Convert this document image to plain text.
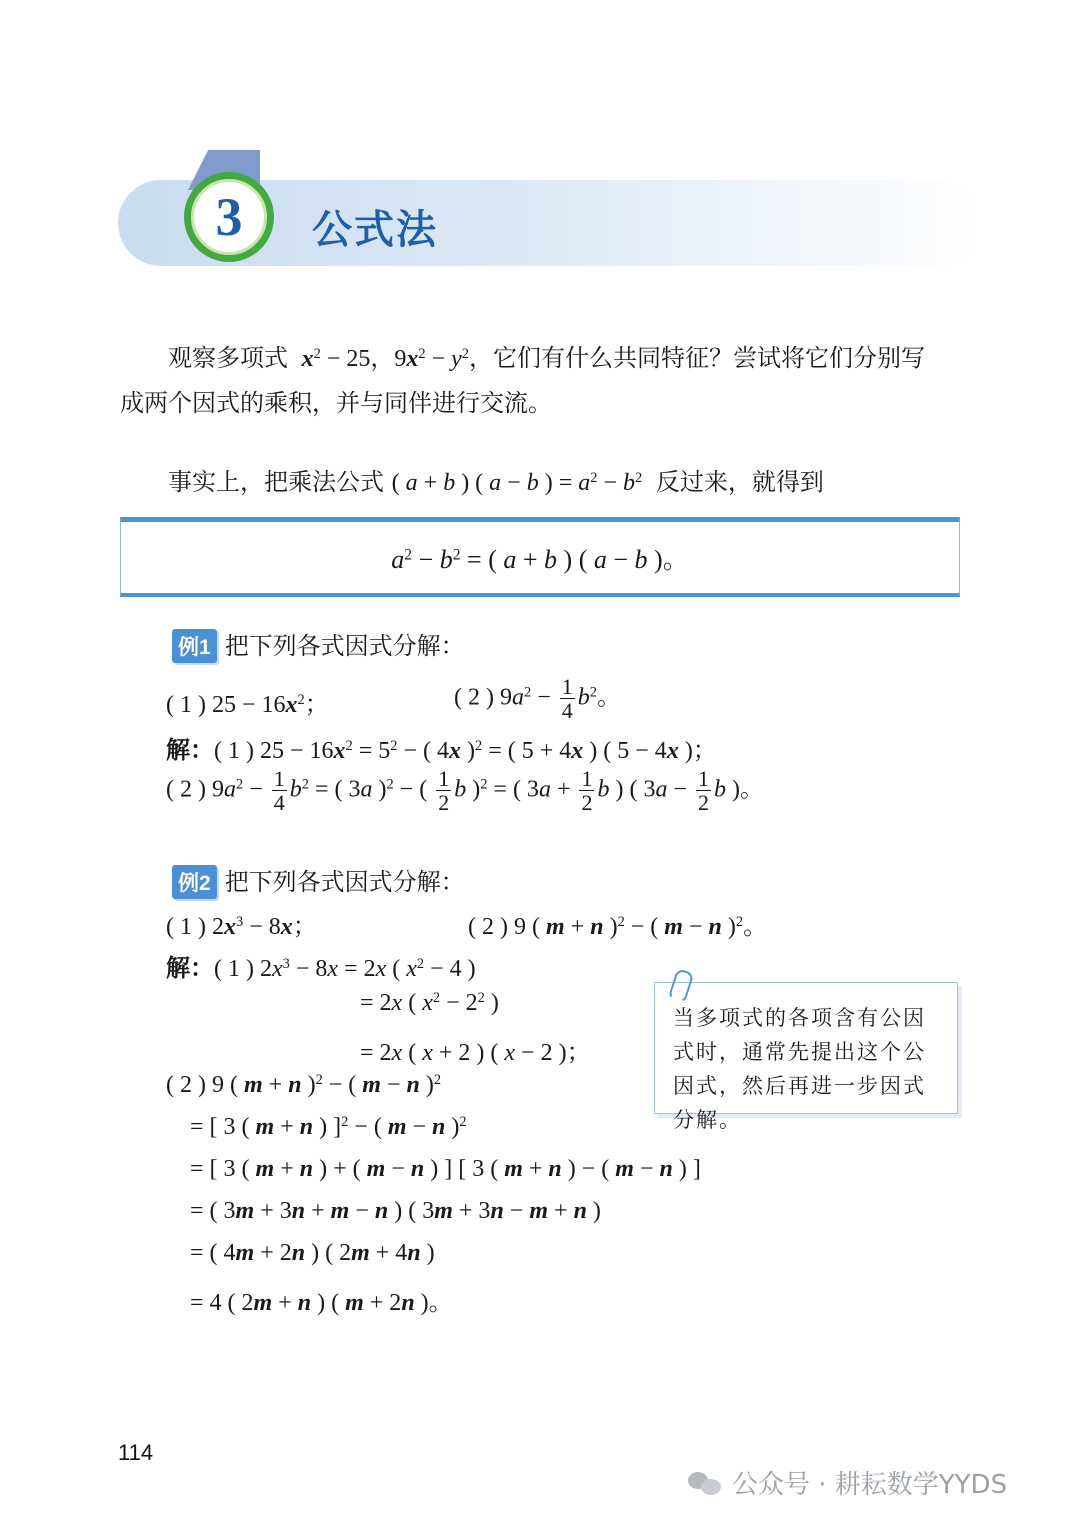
3 公式法
观察多项式 $x^2 - 25$，$9x^2 - y^2$，它们有什么共同特征？尝试将它们分别写
成两个因式的乘积，并与同伴进行交流。
事实上，把乘法公式 ( a + b ) ( a − b ) = $a^2 - b^2$ 反过来，就得到
$a^2 - b^2$ = ( a + b ) ( a − b )。
例1 把下列各式因式分解：
( 1 ) $25 - 16x^2$；	( 2 ) $9a^2 - \frac{1}{4} b^2$。
解：( 1 ) $25 - 16x^2 = 5^2$ − ( 4x )$^2$ = ( 5 + 4x ) ( 5 − 4x )；
( 2 ) $9a^2 - \frac{1}{4} b^2$ = ( 3a )$^2$ − ( $\frac{1}{2}$ b )$^2$ = ( $3a + \frac{1}{2}$ b ) ( $3a - \frac{1}{2}$ b )。
例2 把下列各式因式分解：
( 1 ) $2x^3 - 8x$；	( 2 ) 9 ( m + n )$^2$ − ( m − n )$^2$。
解：( 1 ) $2x^3 - 8x = 2x$ ( $x^2 - 4$ )
= 2x ( $x^2 - 2^2$ )
= 2x ( x + 2 ) ( x − 2 )；
( 2 ) 9 ( m + n )$^2$ − ( m − n )$^2$
= [ 3 ( m + n ) ]$^2$ − ( m − n )$^2$
= [ 3 ( m + n ) + ( m − n ) ] [ 3 ( m + n ) − ( m − n ) ]
= ( 3m + 3n + m − n ) ( 3m + 3n − m + n )
= ( 4m + 2n ) ( 2m + 4n )
= 4 ( 2m + n ) ( m + 2n )。
当多项式的各项含有公因式时，通常先提出这个公因式，然后再进一步因式分解。
114
公众号 · 耕耘数学YYDS
